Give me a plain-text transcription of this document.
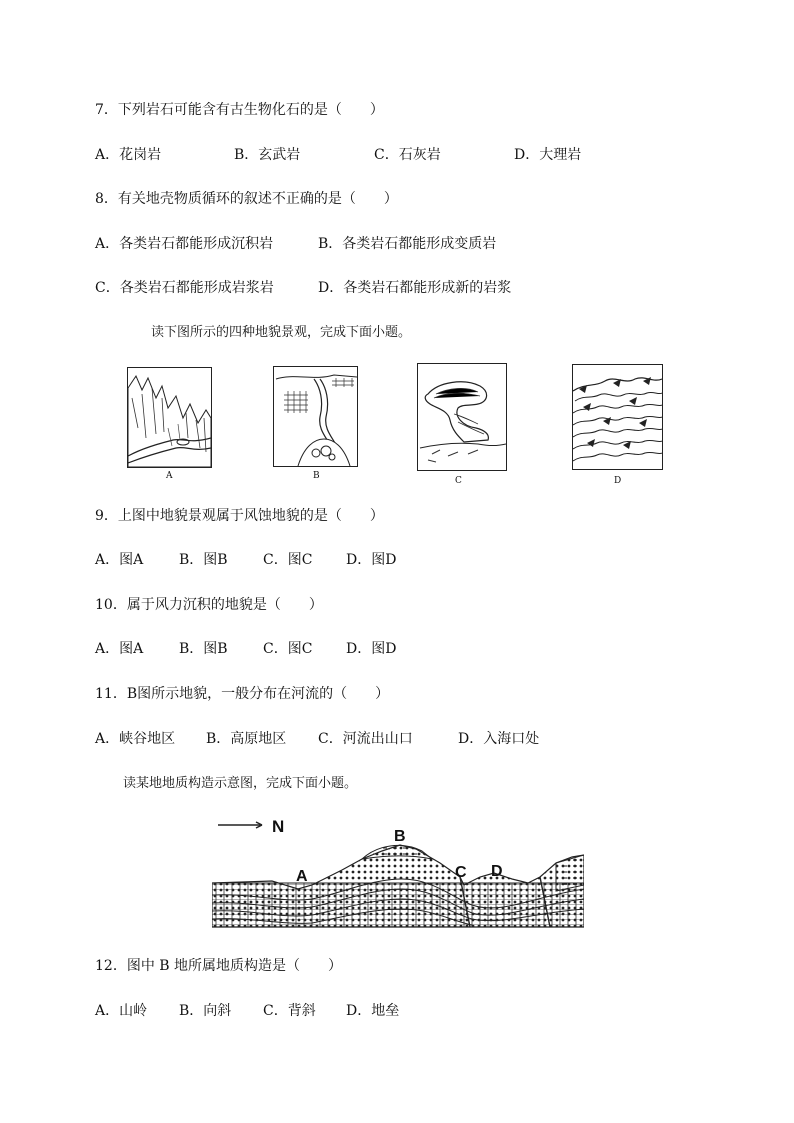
7．下列岩石可能含有古生物化石的是（　　）
A．花岗岩	B．玄武岩	C．石灰岩	D．大理岩
8．有关地壳物质循环的叙述不正确的是（　　）
A．各类岩石都能形成沉积岩	B．各类岩石都能形成变质岩
C．各类岩石都能形成岩浆岩	D．各类岩石都能形成新的岩浆
读下图所示的四种地貌景观，完成下面小题。
A	B	C	D
9．上图中地貌景观属于风蚀地貌的是（　　）
A．图A	B．图B	C．图C D．图D
10．属于风力沉积的地貌是（　　）
A．图A	B．图B	C．图C D．图D
11．B图所示地貌，一般分布在河流的（　　）
A．峡谷地区 B．高原地区 C．河流出山口	D．入海口处
读某地地质构造示意图，完成下面小题。
N
A
B
C D
12．图中 B 地所属地质构造是（　　）
A．山岭 B．向斜 C．背斜 D．地垒
